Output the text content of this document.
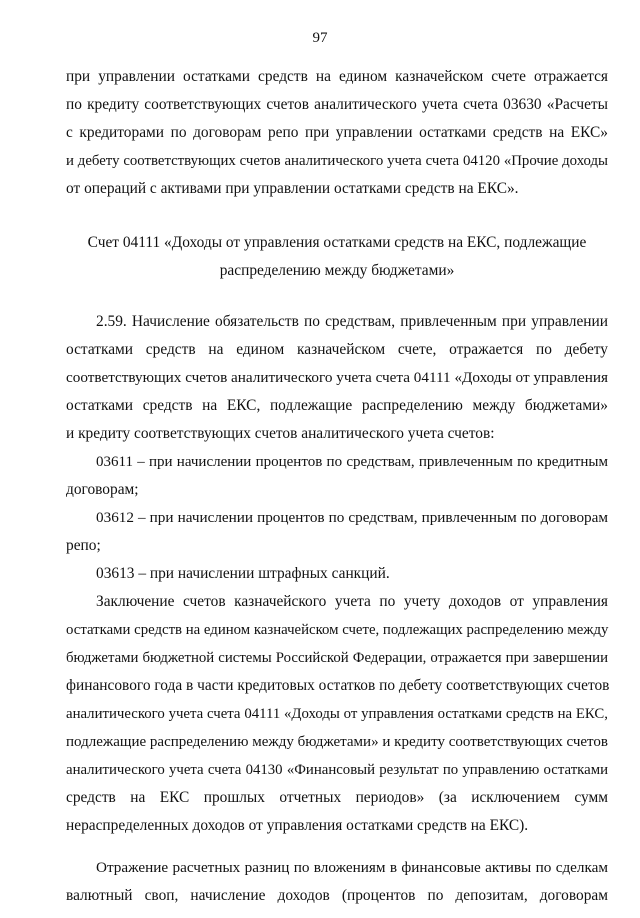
97
при управлении остатками средств на едином казначейском счете отражается
по кредиту соответствующих счетов аналитического учета счета 03630 «Расчеты
с кредиторами по договорам репо при управлении остатками средств на ЕКС»
и дебету соответствующих счетов аналитического учета счета 04120 «Прочие доходы
от операций с активами при управлении остатками средств на ЕКС».
Счет 04111 «Доходы от управления остатками средств на ЕКС, подлежащие
распределению между бюджетами»
2.59. Начисление обязательств по средствам, привлеченным при управлении
остатками средств на едином казначейском счете, отражается по дебету
соответствующих счетов аналитического учета счета 04111 «Доходы от управления
остатками средств на ЕКС, подлежащие распределению между бюджетами»
и кредиту соответствующих счетов аналитического учета счетов:
03611 – при начислении процентов по средствам, привлеченным по кредитным
договорам;
03612 – при начислении процентов по средствам, привлеченным по договорам
репо;
03613 – при начислении штрафных санкций.
Заключение счетов казначейского учета по учету доходов от управления
остатками средств на едином казначейском счете, подлежащих распределению между
бюджетами бюджетной системы Российской Федерации, отражается при завершении
финансового года в части кредитовых остатков по дебету соответствующих счетов
аналитического учета счета 04111 «Доходы от управления остатками средств на ЕКС,
подлежащие распределению между бюджетами» и кредиту соответствующих счетов
аналитического учета счета 04130 «Финансовый результат по управлению остатками
средств на ЕКС прошлых отчетных периодов» (за исключением сумм
нераспределенных доходов от управления остатками средств на ЕКС).
Отражение расчетных разниц по вложениям в финансовые активы по сделкам
валютный своп, начисление доходов (процентов по депозитам, договорам
